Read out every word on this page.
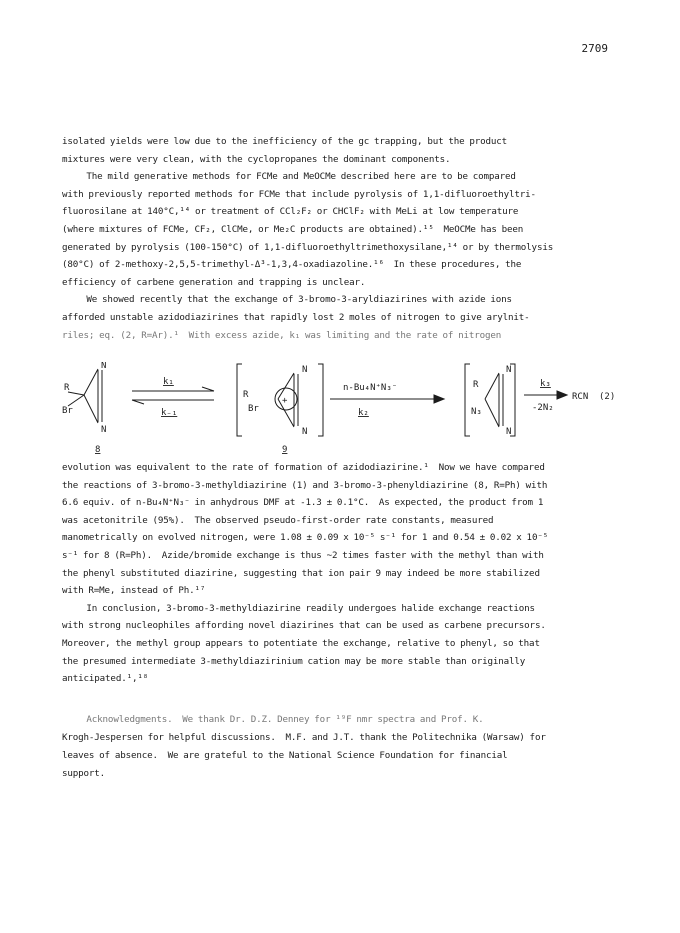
2709

isolated yields were low due to the inefficiency of the gc trapping, but the product

mixtures were very clean, with the cyclopropanes the dominant components.

The mild generative methods for FCMe and MeOCMe described here are to be compared

with previously reported methods for FCMe that include pyrolysis of 1,1-difluoroethyltri-

fluorosilane at 140°C,¹⁴ or treatment of CCl₂F₂ or CHClF₂ with MeLi at low temperature

(where mixtures of FCMe, CF₂, ClCMe, or Me₂C products are obtained).¹⁵  MeOCMe has been

generated by pyrolysis (100-150°C) of 1,1-difluoroethyltrimethoxysilane,¹⁴ or by thermolysis

(80°C) of 2-methoxy-2,5,5-trimethyl-Δ³-1,3,4-oxadiazoline.¹⁶  In these procedures, the

efficiency of carbene generation and trapping is unclear.

We showed recently that the exchange of 3-bromo-3-aryldiazirines with azide ions

afforded unstable azidodiazirines that rapidly lost 2 moles of nitrogen to give arylnit-

riles; eq. (2, R=Ar).¹  With excess azide, k₁ was limiting and the rate of nitrogen

R
Br
N
N
k₁
k₋₁
R
Br
+
N
N
n-Bu₄N⁺N₃⁻
k₂
R
N₃
N
N
k₃
-2N₂
RCN (2)
8	9

evolution was equivalent to the rate of formation of azidodiazirine.¹  Now we have compared

the reactions of 3-bromo-3-methyldiazirine (1) and 3-bromo-3-phenyldiazirine (8, R=Ph) with

6.6 equiv. of n-Bu₄N⁺N₃⁻ in anhydrous DMF at -1.3 ± 0.1°C.  As expected, the product from 1

was acetonitrile (95%).  The observed pseudo-first-order rate constants, measured

manometrically on evolved nitrogen, were 1.08 ± 0.09 x 10⁻⁵ s⁻¹ for 1 and 0.54 ± 0.02 x 10⁻⁵

s⁻¹ for 8 (R=Ph).  Azide/bromide exchange is thus ~2 times faster with the methyl than with

the phenyl substituted diazirine, suggesting that ion pair 9 may indeed be more stabilized

with R=Me, instead of Ph.¹⁷

In conclusion, 3-bromo-3-methyldiazirine readily undergoes halide exchange reactions

with strong nucleophiles affording novel diazirines that can be used as carbene precursors.

Moreover, the methyl group appears to potentiate the exchange, relative to phenyl, so that

the presumed intermediate 3-methyldiazirinium cation may be more stable than originally

anticipated.¹,¹⁸

Acknowledgments.  We thank Dr. D.Z. Denney for ¹⁹F nmr spectra and Prof. K.

Krogh-Jespersen for helpful discussions.  M.F. and J.T. thank the Politechnika (Warsaw) for

leaves of absence.  We are grateful to the National Science Foundation for financial

support.
